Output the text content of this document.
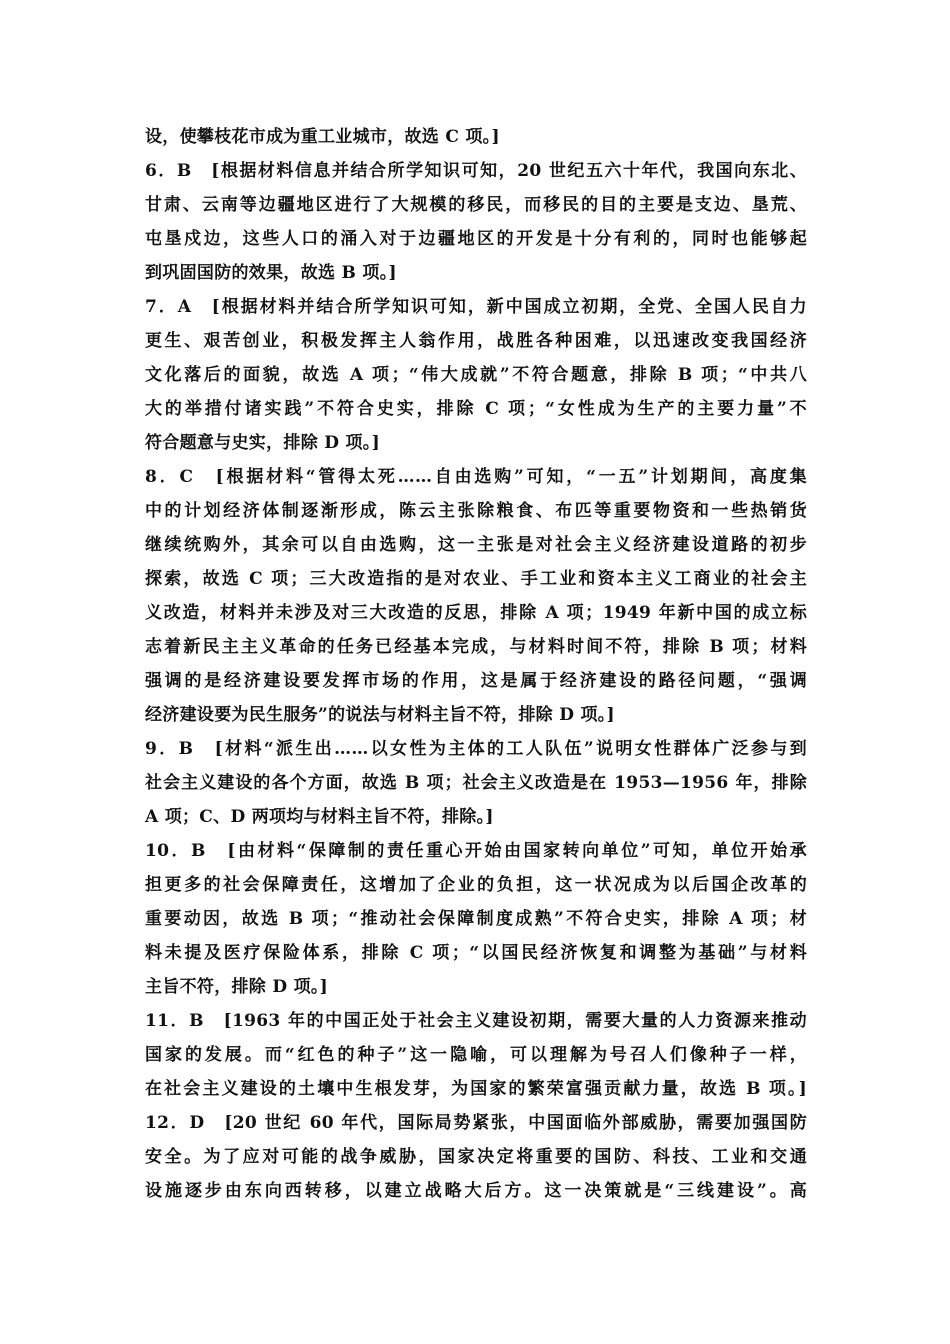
设，使攀枝花市成为重工业城市，故选 C 项。]
6．B　[根据材料信息并结合所学知识可知，20 世纪五六十年代，我国向东北、
甘肃、云南等边疆地区进行了大规模的移民，而移民的目的主要是支边、垦荒、
屯垦戍边，这些人口的涌入对于边疆地区的开发是十分有利的，同时也能够起
到巩固国防的效果，故选 B 项。]
7．A　[根据材料并结合所学知识可知，新中国成立初期，全党、全国人民自力
更生、艰苦创业，积极发挥主人翁作用，战胜各种困难，以迅速改变我国经济
文化落后的面貌，故选 A 项；“伟大成就”不符合题意，排除 B 项；“中共八
大的举措付诸实践”不符合史实，排除 C 项；“女性成为生产的主要力量”不
符合题意与史实，排除 D 项。]
8．C　[根据材料“管得太死……自由选购”可知，“一五”计划期间，高度集
中的计划经济体制逐渐形成，陈云主张除粮食、布匹等重要物资和一些热销货
继续统购外，其余可以自由选购，这一主张是对社会主义经济建设道路的初步
探索，故选 C 项；三大改造指的是对农业、手工业和资本主义工商业的社会主
义改造，材料并未涉及对三大改造的反思，排除 A 项；1949 年新中国的成立标
志着新民主主义革命的任务已经基本完成，与材料时间不符，排除 B 项；材料
强调的是经济建设要发挥市场的作用，这是属于经济建设的路径问题，“强调
经济建设要为民生服务”的说法与材料主旨不符，排除 D 项。]
9．B　[材料“派生出……以女性为主体的工人队伍”说明女性群体广泛参与到
社会主义建设的各个方面，故选 B 项；社会主义改造是在 1953—1956 年，排除
A 项；C、D 两项均与材料主旨不符，排除。]
10．B　[由材料“保障制的责任重心开始由国家转向单位”可知，单位开始承
担更多的社会保障责任，这增加了企业的负担，这一状况成为以后国企改革的
重要动因，故选 B 项；“推动社会保障制度成熟”不符合史实，排除 A 项；材
料未提及医疗保险体系，排除 C 项；“以国民经济恢复和调整为基础”与材料
主旨不符，排除 D 项。]
11．B　[1963 年的中国正处于社会主义建设初期，需要大量的人力资源来推动
国家的发展。而“红色的种子”这一隐喻，可以理解为号召人们像种子一样，
在社会主义建设的土壤中生根发芽，为国家的繁荣富强贡献力量，故选 B 项。]
12．D　[20 世纪 60 年代，国际局势紧张，中国面临外部威胁，需要加强国防
安全。为了应对可能的战争威胁，国家决定将重要的国防、科技、工业和交通
设施逐步由东向西转移，以建立战略大后方。这一决策就是“三线建设”。高
